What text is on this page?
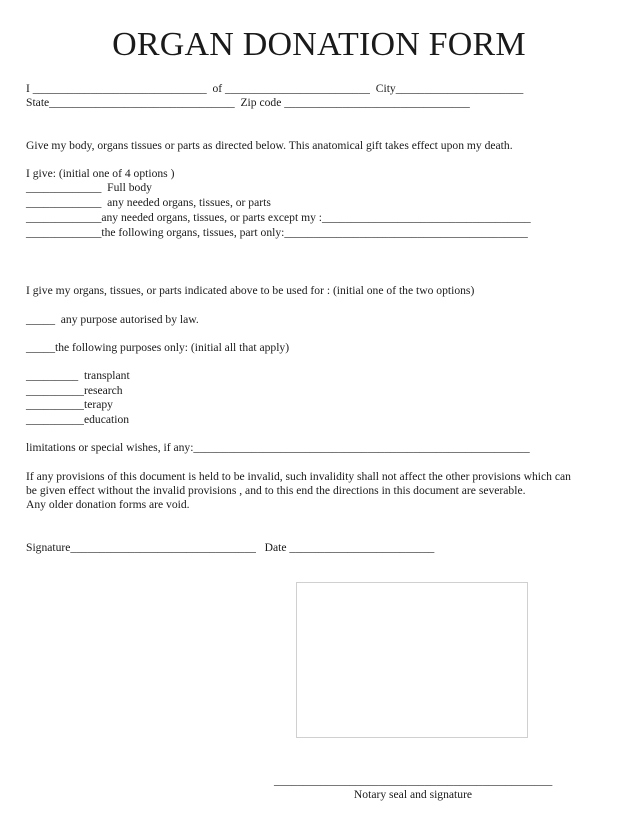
ORGAN DONATION FORM
I ______________________________  of _________________________  City______________________
State________________________________  Zip code ________________________________
Give my body, organs tissues or parts as directed below. This anatomical gift takes effect upon my death.
I give: (initial one of 4 options )
_____________  Full body
_____________  any needed organs, tissues, or parts
_____________any needed organs, tissues, or parts except my :____________________________________
_____________the following organs, tissues, part only:__________________________________________
I give my organs, tissues, or parts indicated above to be used for : (initial one of the two options)
_____  any purpose autorised by law.
_____the following purposes only: (initial all that apply)
_________  transplant
__________research
__________terapy
__________education
limitations or special wishes, if any:__________________________________________________________
If any provisions of this document is held to be invalid, such invalidity shall not affect the other provisions which can
be given effect without the invalid provisions , and to this end the directions in this document are severable.
Any older donation forms are void.
Signature________________________________   Date _________________________
________________________________________________
Notary seal and signature
